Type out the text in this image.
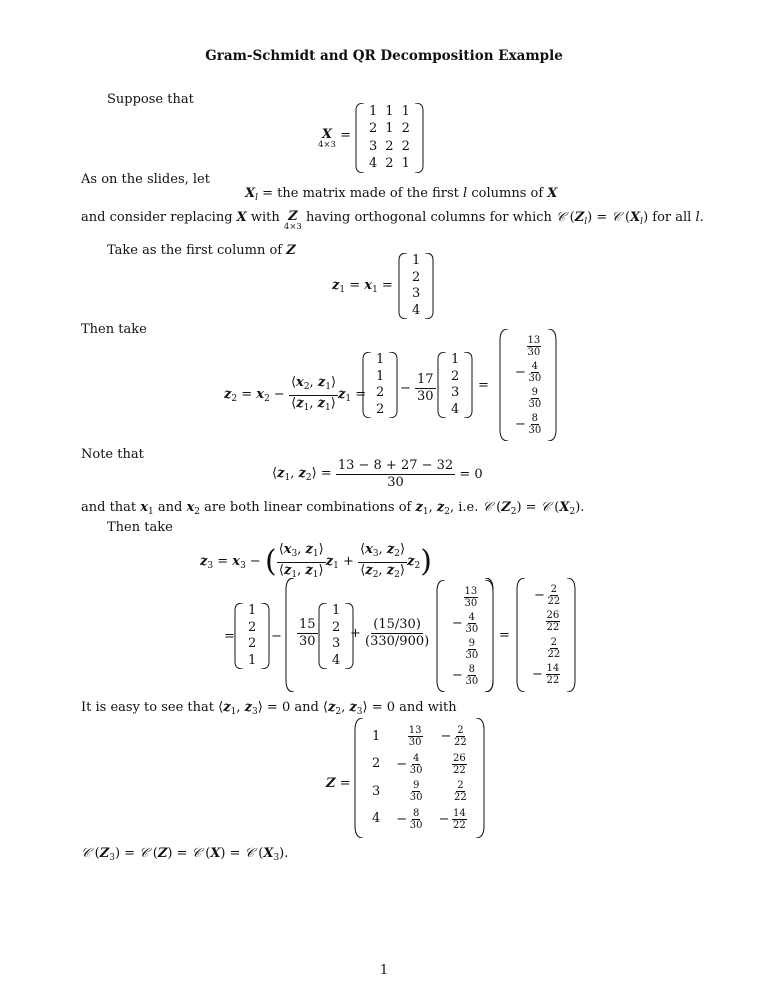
Gram-Schmidt and QR Decomposition Example
Suppose that
X
4×3
=
1
2
3
4
1
1
2
2
1
2
2
1
As on the slides, let
$X_l$ = the matrix made of the first l columns of X
and consider replacing X with Z
4×3
having orthogonal columns for which 𝒞 $(Z_l)$ = 𝒞 $(X_l)$ for all l.
Take as the first column of Z
$z_1 = x_1$ =
1
2
3
4
Then take
$z_2 = x_2 - \frac{⟨x_2, z_1⟩}{⟨z_1, z_1⟩} z_1$ =
1
1
2
2
− $\frac{17}{30}$
1
2
3
4
=
$\frac{13}{30}$
−  $\frac{4}{30}$
$\frac{9}{30}$
−  $\frac{8}{30}$
Note that
$⟨z_1$, $z_2⟩ = \frac{13 - 8 + 27 - 32}{30}$
= 0
and that $x_1$ and $x_2$ are both linear combinations of $z_1$, $z_2$, i.e. 𝒞 $(Z_2)$ = 𝒞 $(X_2)$.
Then take
$z_3 = x_3$ − ( $\frac{⟨x_3, z_1⟩}{⟨z_1, z_1⟩} z_1 + \frac{⟨x_3, z_2⟩}{⟨z_2, z_2⟩} z_2$ )
=
1
2
2
1
− $\frac{15}{30}$
1
2
3
4
+ $\frac{(15/30)}{(330/900)}$
$\frac{13}{30}$
−  $\frac{4}{30}$
$\frac{9}{30}$
−  $\frac{8}{30}$
=
−  $\frac{2}{22}$
$\frac{26}{22}$
$\frac{2}{22}$
−  $\frac{14}{22}$
It is easy to see that $⟨z_1$, $z_3⟩ = 0$ and $⟨z_2$, $z_3⟩ = 0$ and with
Z =
1
2
3
4
$\frac{13}{30}$
−  $\frac{4}{30}$
$\frac{9}{30}$
−  $\frac{8}{30}$
−  $\frac{2}{22}$
$\frac{26}{22}$
$\frac{2}{22}$
−  $\frac{14}{22}$
𝒞 $(Z_3)$ = 𝒞 (Z) = 𝒞 (X) = 𝒞 $(X_3)$.
1
